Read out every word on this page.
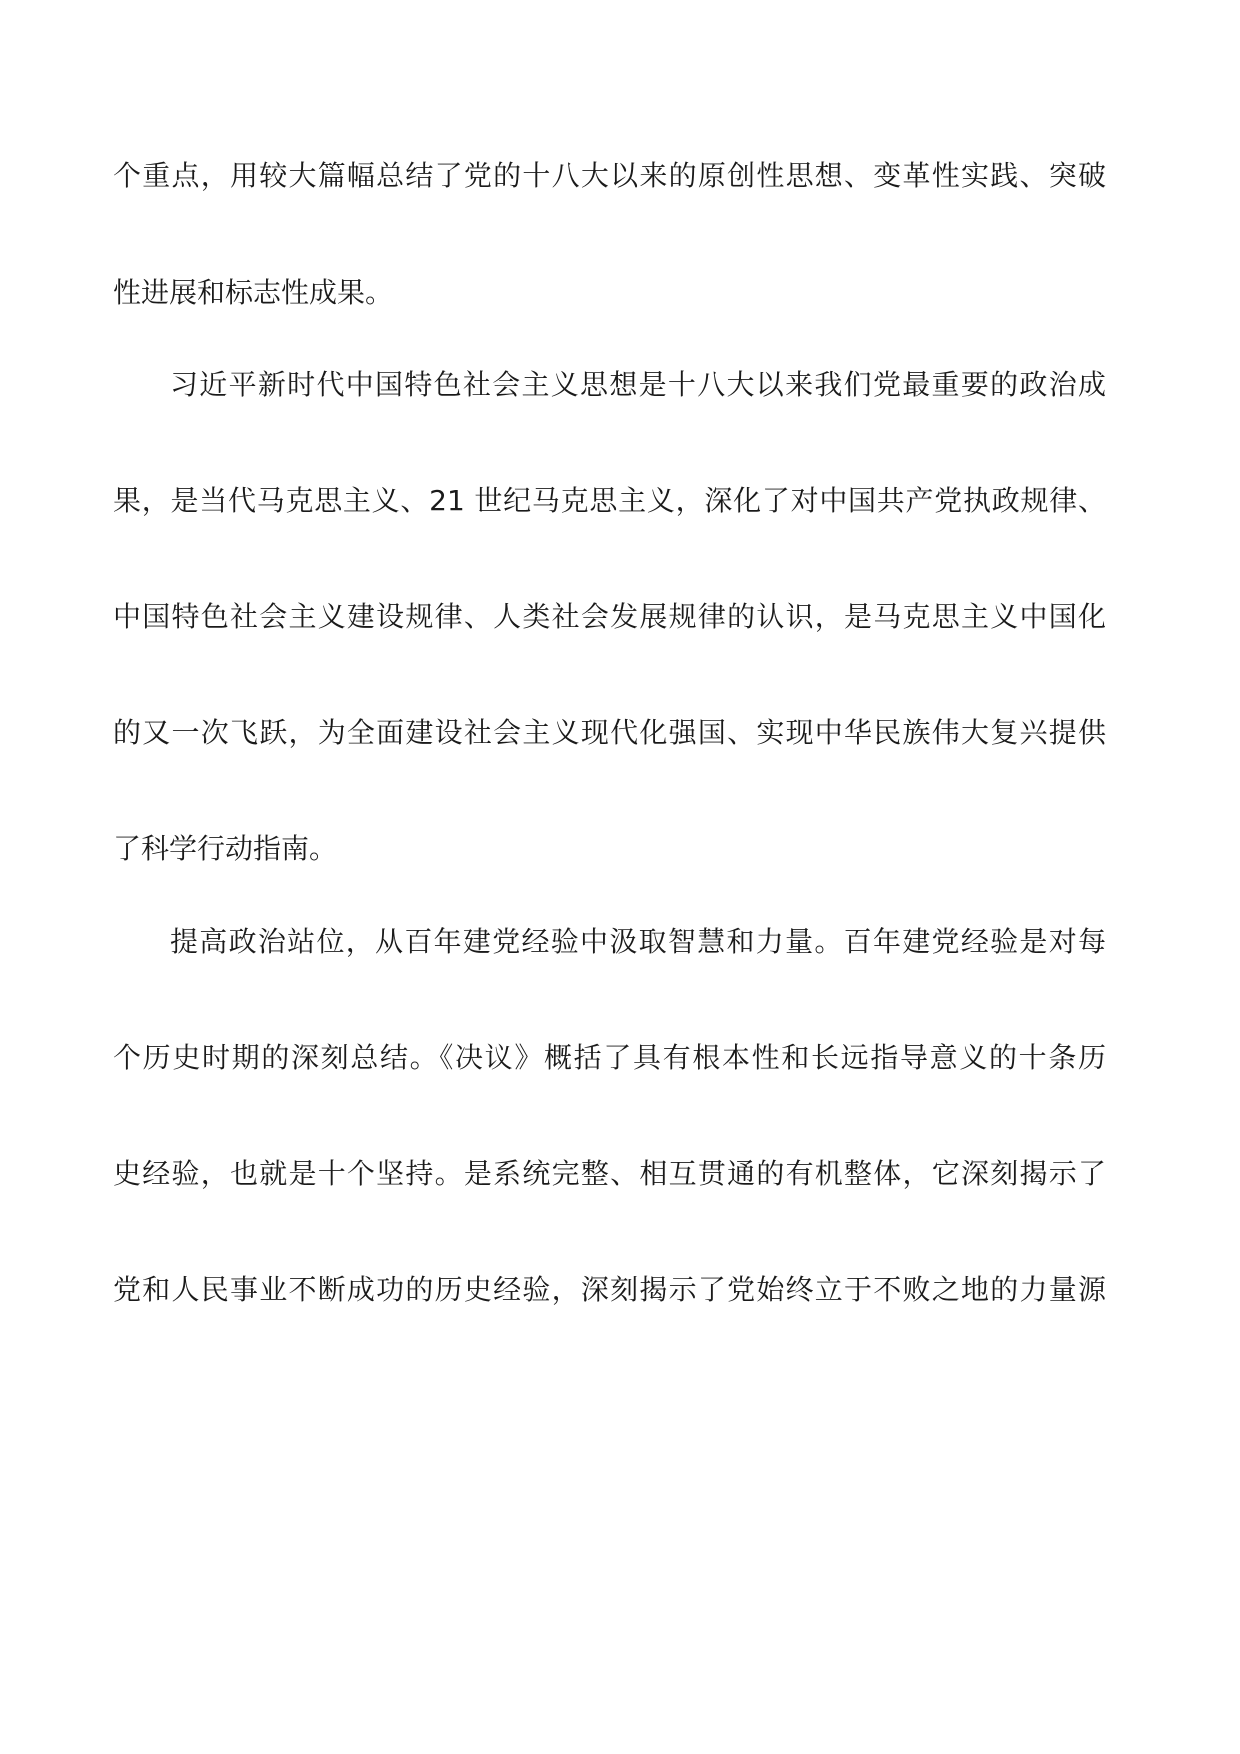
个重点，用较大篇幅总结了党的十八大以来的原创性思想、变革性实践、突破
性进展和标志性成果。
习近平新时代中国特色社会主义思想是十八大以来我们党最重要的政治成
果，是当代马克思主义、21 世纪马克思主义，深化了对中国共产党执政规律、
中国特色社会主义建设规律、人类社会发展规律的认识，是马克思主义中国化
的又一次飞跃，为全面建设社会主义现代化强国、实现中华民族伟大复兴提供
了科学行动指南。
提高政治站位，从百年建党经验中汲取智慧和力量。百年建党经验是对每
个历史时期的深刻总结。《决议》概括了具有根本性和长远指导意义的十条历
史经验，也就是十个坚持。是系统完整、相互贯通的有机整体，它深刻揭示了
党和人民事业不断成功的历史经验，深刻揭示了党始终立于不败之地的力量源
